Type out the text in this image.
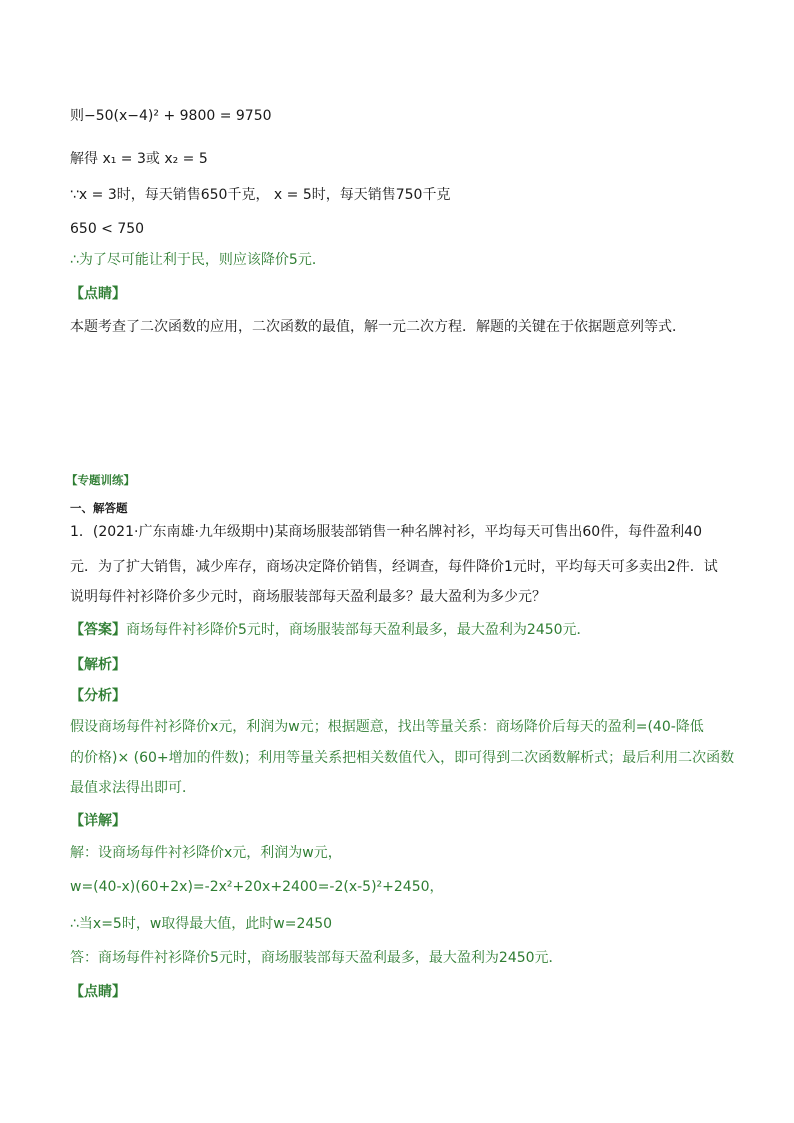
则−50(x−4)² + 9800 = 9750
解得 x₁ = 3或 x₂ = 5
∵x = 3时，每天销售650千克， x = 5时，每天销售750千克
650 < 750
∴为了尽可能让利于民，则应该降价5元．
【点睛】
本题考查了二次函数的应用，二次函数的最值，解一元二次方程．解题的关键在于依据题意列等式．
【专题训练】
一、解答题
1．(2021·广东南雄·九年级期中)某商场服装部销售一种名牌衬衫，平均每天可售出60件，每件盈利40
元．为了扩大销售，减少库存，商场决定降价销售，经调查，每件降价1元时，平均每天可多卖出2件．试
说明每件衬衫降价多少元时，商场服装部每天盈利最多？最大盈利为多少元？
【答案】商场每件衬衫降价5元时，商场服装部每天盈利最多，最大盈利为2450元．
【解析】
【分析】
假设商场每件衬衫降价x元，利润为w元；根据题意，找出等量关系：商场降价后每天的盈利=(40-降低
的价格)× (60+增加的件数)；利用等量关系把相关数值代入，即可得到二次函数解析式；最后利用二次函数
最值求法得出即可．
【详解】
解：设商场每件衬衫降价x元，利润为w元，
w=(40-x)(60+2x)=-2x²+20x+2400=-2(x-5)²+2450，
∴当x=5时，w取得最大值，此时w=2450
答：商场每件衬衫降价5元时，商场服装部每天盈利最多，最大盈利为2450元．
【点睛】
